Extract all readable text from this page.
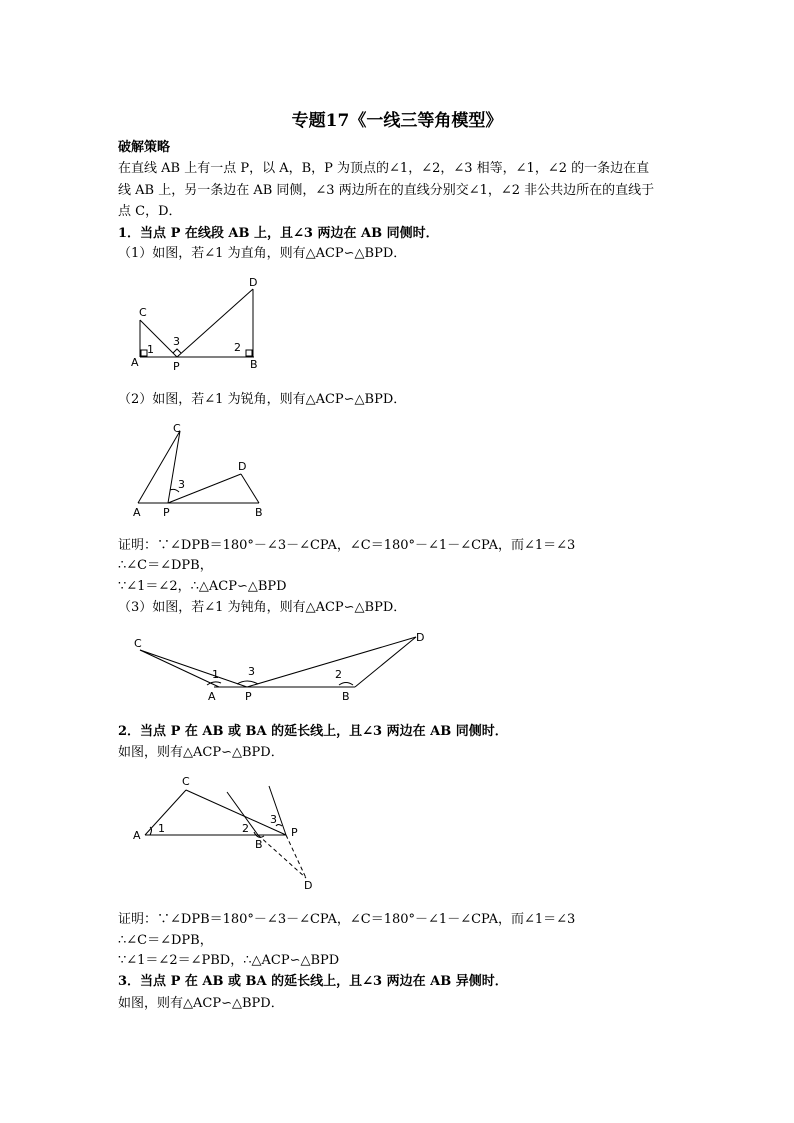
专题17《一线三等角模型》
破解策略
在直线 AB 上有一点 P，以 A，B，P 为顶点的∠1，∠2，∠3 相等，∠1，∠2 的一条边在直
线 AB 上，另一条边在 AB 同侧，∠3 两边所在的直线分别交∠1，∠2 非公共边所在的直线于
点 C，D．
1．当点 P 在线段 AB 上，且∠3 两边在 AB 同侧时．
（1）如图，若∠1 为直角，则有△ACP∽△BPD．
C
D
A	P	B
1
3	2
（2）如图，若∠1 为锐角，则有△ACP∽△BPD．
C
D
A P	B
3
证明：∵∠DPB＝180°－∠3－∠CPA，∠C＝180°－∠1－∠CPA，而∠1＝∠3
∴∠C＝∠DPB，
∵∠1＝∠2，∴△ACP∽△BPD
（3）如图，若∠1 为钝角，则有△ACP∽△BPD．
C	D
A	P	B
1	3	2
2．当点 P 在 AB 或 BA 的延长线上，且∠3 两边在 AB 同侧时．
如图，则有△ACP∽△BPD．
C
A
B
P
D
1	2
3
证明：∵∠DPB＝180°－∠3－∠CPA，∠C＝180°－∠1－∠CPA，而∠1＝∠3
∴∠C＝∠DPB，
∵∠1＝∠2＝∠PBD，∴△ACP∽△BPD
3．当点 P 在 AB 或 BA 的延长线上，且∠3 两边在 AB 异侧时．
如图，则有△ACP∽△BPD．
